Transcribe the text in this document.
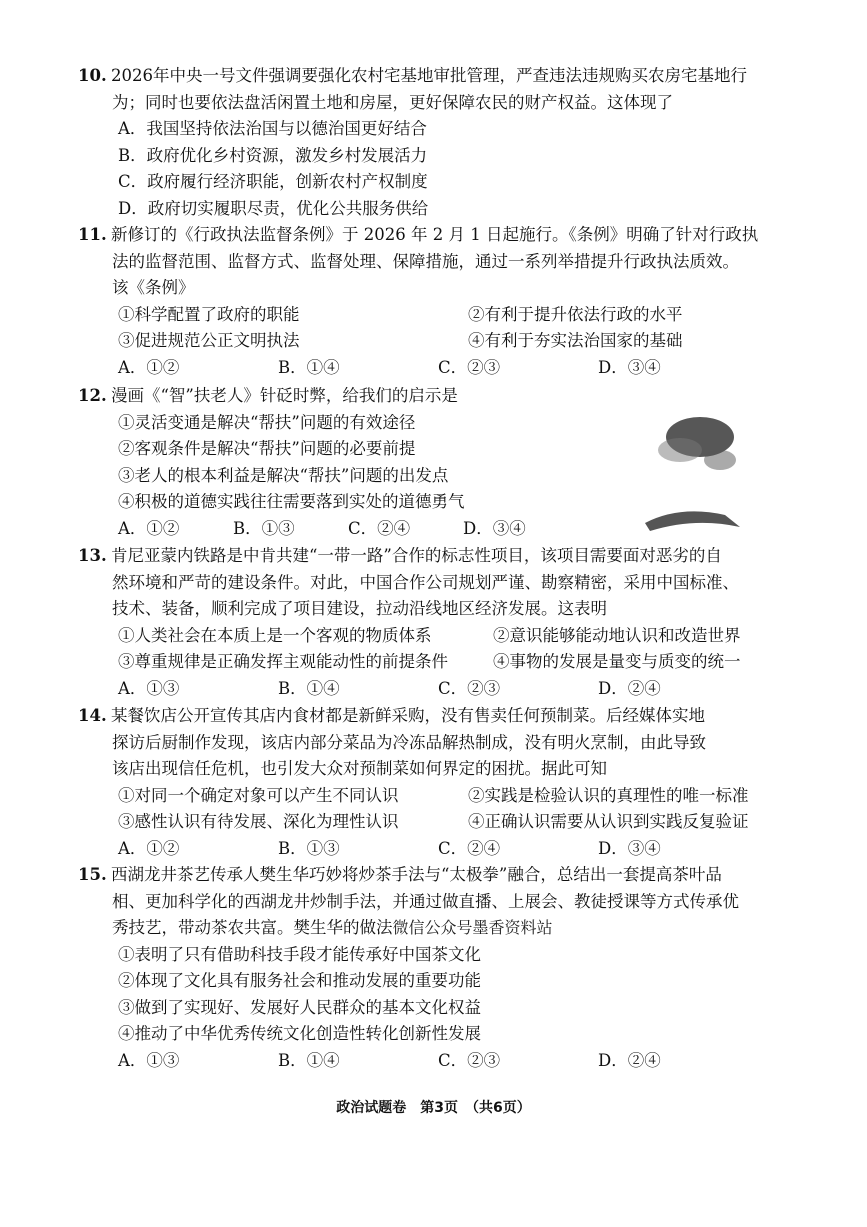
10. 2026年中央一号文件强调要强化农村宅基地审批管理，严查违法违规购买农房宅基地行
为；同时也要依法盘活闲置土地和房屋，更好保障农民的财产权益。这体现了
A．我国坚持依法治国与以德治国更好结合
B．政府优化乡村资源，激发乡村发展活力
C．政府履行经济职能，创新农村产权制度
D．政府切实履职尽责，优化公共服务供给
11. 新修订的《行政执法监督条例》于 2026 年 2 月 1 日起施行。《条例》明确了针对行政执
法的监督范围、监督方式、监督处理、保障措施，通过一系列举措提升行政执法质效。
该《条例》
①科学配置了政府的职能	②有利于提升依法行政的水平
③促进规范公正文明执法	④有利于夯实法治国家的基础
A．①②	B．①④	C．②③	D．③④
12. 漫画《“智”扶老人》针砭时弊，给我们的启示是
①灵活变通是解决“帮扶”问题的有效途径
②客观条件是解决“帮扶”问题的必要前提
③老人的根本利益是解决“帮扶”问题的出发点
④积极的道德实践往往需要落到实处的道德勇气
A．①②	B．①③	C．②④	D．③④
13. 肯尼亚蒙内铁路是中肯共建“一带一路”合作的标志性项目，该项目需要面对恶劣的自
然环境和严苛的建设条件。对此，中国合作公司规划严谨、勘察精密，采用中国标准、
技术、装备，顺利完成了项目建设，拉动沿线地区经济发展。这表明
①人类社会在本质上是一个客观的物质体系	②意识能够能动地认识和改造世界
③尊重规律是正确发挥主观能动性的前提条件	④事物的发展是量变与质变的统一
A．①③	B．①④	C．②③	D．②④
14. 某餐饮店公开宣传其店内食材都是新鲜采购，没有售卖任何预制菜。后经媒体实地
探访后厨制作发现，该店内部分菜品为冷冻品解热制成，没有明火烹制，由此导致
该店出现信任危机，也引发大众对预制菜如何界定的困扰。据此可知
①对同一个确定对象可以产生不同认识	②实践是检验认识的真理性的唯一标准
③感性认识有待发展、深化为理性认识	④正确认识需要从认识到实践反复验证
A．①②	B．①③	C．②④	D．③④
15. 西湖龙井茶艺传承人樊生华巧妙将炒茶手法与“太极拳”融合，总结出一套提高茶叶品
相、更加科学化的西湖龙井炒制手法，并通过做直播、上展会、教徒授课等方式传承优
秀技艺，带动茶农共富。樊生华的做法微信公众号墨香资料站
①表明了只有借助科技手段才能传承好中国茶文化
②体现了文化具有服务社会和推动发展的重要功能
③做到了实现好、发展好人民群众的基本文化权益
④推动了中华优秀传统文化创造性转化创新性发展
A．①③	B．①④	C．②③	D．②④
政治试题卷　第3页　（共6页）
